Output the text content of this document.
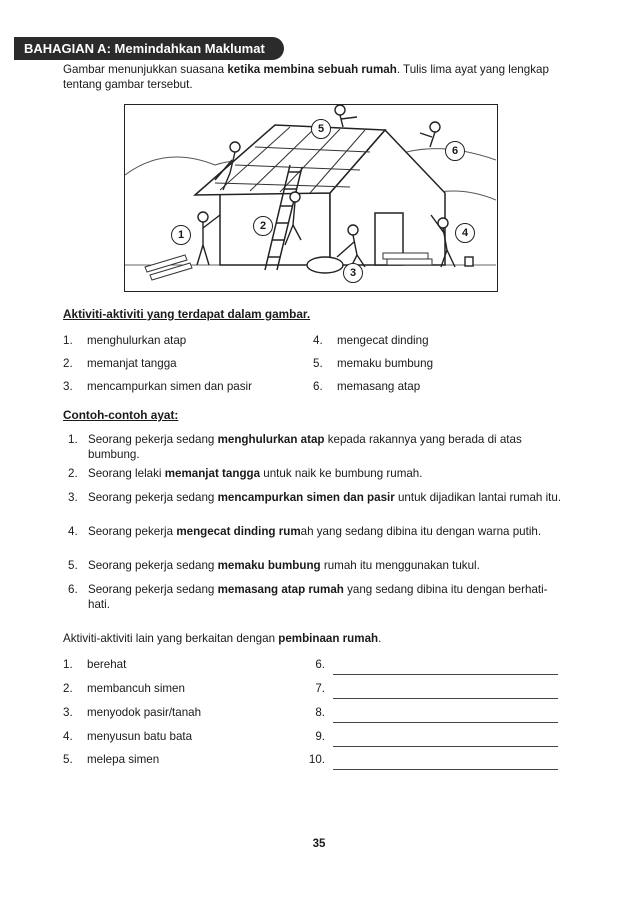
BAHAGIAN A: Memindahkan Maklumat
Gambar menunjukkan suasana ketika membina sebuah rumah. Tulis lima ayat yang lengkap tentang gambar tersebut.
5
6
2
1	4
3
Aktiviti-aktiviti yang terdapat dalam gambar.
1. menghulurkan atap
2. memanjat tangga
3. mencampurkan simen dan pasir
4. mengecat dinding
5. memaku bumbung
6. memasang atap
Contoh-contoh ayat:
1. Seorang pekerja sedang menghulurkan atap kepada rakannya yang berada di atas bumbung.
2. Seorang lelaki memanjat tangga untuk naik ke bumbung rumah.
3. Seorang pekerja sedang mencampurkan simen dan pasir untuk dijadikan lantai rumah itu.
4. Seorang pekerja mengecat dinding rumah yang sedang dibina itu dengan warna putih.
5. Seorang pekerja sedang memaku bumbung rumah itu menggunakan tukul.
6. Seorang pekerja sedang memasang atap rumah yang sedang dibina itu dengan berhati-hati.
Aktiviti-aktiviti lain yang berkaitan dengan pembinaan rumah.
1. berehat
2. membancuh simen
3. menyodok pasir/tanah
4. menyusun batu bata
5. melepa simen
6.
7.
8.
9.
10.
35
